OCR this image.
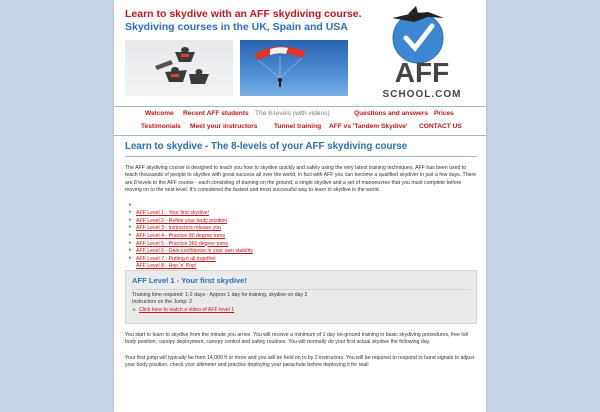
Learn to skydive with an AFF skydiving course.
Skydiving courses in the UK, Spain and USA
AFF
SCHOOL.COM
Welcome Recent AFF students The 8-levels (with videos)	Questions and answers Prices
Testimonials Meet your instructors	Tunnel training AFF vs 'Tandem Skydive' CONTACT US
Learn to skydive - The 8-levels of your AFF skydiving course

The AFF skydiving course is designed to teach you how to skydive quickly and safely using the very latest training techniques. AFF has been used to teach thousands of people to skydive with great success all over the world, in fact with AFF you can become a qualified skydiver in just a few days. There are 8 levels to the AFF course - each consisting of training on the ground, a single skydive and a set of manoeuvres that you must complete before moving on to the next level. It's considered the fastest and most successful way to learn to skydive in the world.

►
AFF Level 1 - Your first skydive!
►
AFF Level 2 - Refine your body position
►
AFF Level 3 - Instructors release you
►
AFF Level 4 - Practice 90 degree turns
►
AFF Level 5 - Practice 360 degree turns
►
AFF Level 6 - Gain confidence in your own stability
►
AFF Level 7 - Putting it all together
►
AFF Level 8 - Hop 'n' Pop!
AFF Level 1 - Your first skydive!
Training time required: 1-2 days - Approx 1 day for training, skydive on day 2
Instructors on the Jump: 2
► Click here to watch a video of AFF level 1

You start to learn to skydive from the minute you arrive. You will receive a minimum of 1 day on-ground training in basic skydiving procedures, free fall body position, canopy deployment, canopy control and safety routines. You will normally do your first actual skydive the following day.

Your first jump will typically be from 14,000 ft or more and you will be held on to by 2 instructors. You will be required to respond to hand signals to adjust your body position, check your altimeter and practice deploying your parachute before deploying it for real!
